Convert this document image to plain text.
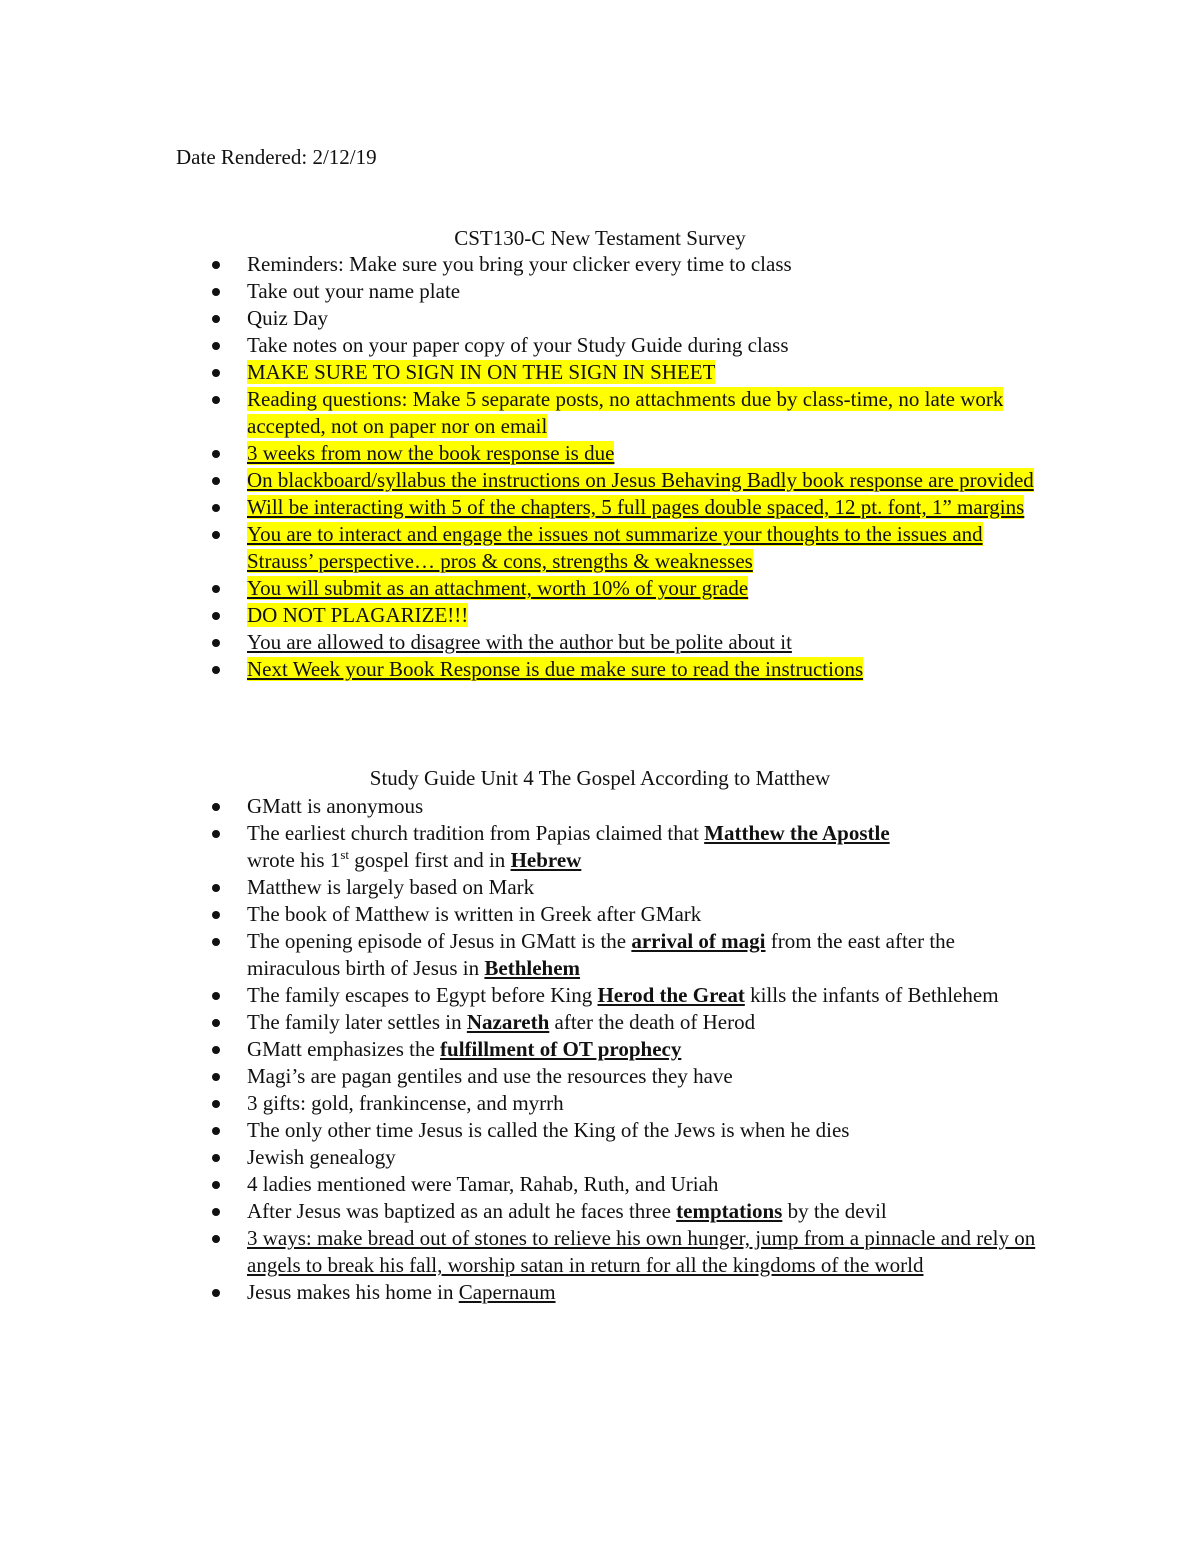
Date Rendered: 2/12/19
CST130-C New Testament Survey
Reminders: Make sure you bring your clicker every time to class
Take out your name plate
Quiz Day
Take notes on your paper copy of your Study Guide during class
MAKE SURE TO SIGN IN ON THE SIGN IN SHEET
Reading questions: Make 5 separate posts, no attachments due by class-time, no late work accepted, not on paper nor on email
3 weeks from now the book response is due
On blackboard/syllabus the instructions on Jesus Behaving Badly book response are provided
Will be interacting with 5 of the chapters, 5 full pages double spaced, 12 pt. font, 1” margins
You are to interact and engage the issues not summarize your thoughts to the issues and Strauss’ perspective… pros & cons, strengths & weaknesses
You will submit as an attachment, worth 10% of your grade
DO NOT PLAGARIZE!!!
You are allowed to disagree with the author but be polite about it
Next Week your Book Response is due make sure to read the instructions
Study Guide Unit 4 The Gospel According to Matthew
GMatt is anonymous
The earliest church tradition from Papias claimed that Matthew the Apostle
wrote his 1st gospel first and in Hebrew
Matthew is largely based on Mark
The book of Matthew is written in Greek after GMark
The opening episode of Jesus in GMatt is the arrival of magi from the east after the miraculous birth of Jesus in Bethlehem
The family escapes to Egypt before King Herod the Great kills the infants of Bethlehem
The family later settles in Nazareth after the death of Herod
GMatt emphasizes the fulfillment of OT prophecy
Magi’s are pagan gentiles and use the resources they have
3 gifts: gold, frankincense, and myrrh
The only other time Jesus is called the King of the Jews is when he dies
Jewish genealogy
4 ladies mentioned were Tamar, Rahab, Ruth, and Uriah
After Jesus was baptized as an adult he faces three temptations by the devil
3 ways: make bread out of stones to relieve his own hunger, jump from a pinnacle and rely on angels to break his fall, worship satan in return for all the kingdoms of the world
Jesus makes his home in Capernaum
